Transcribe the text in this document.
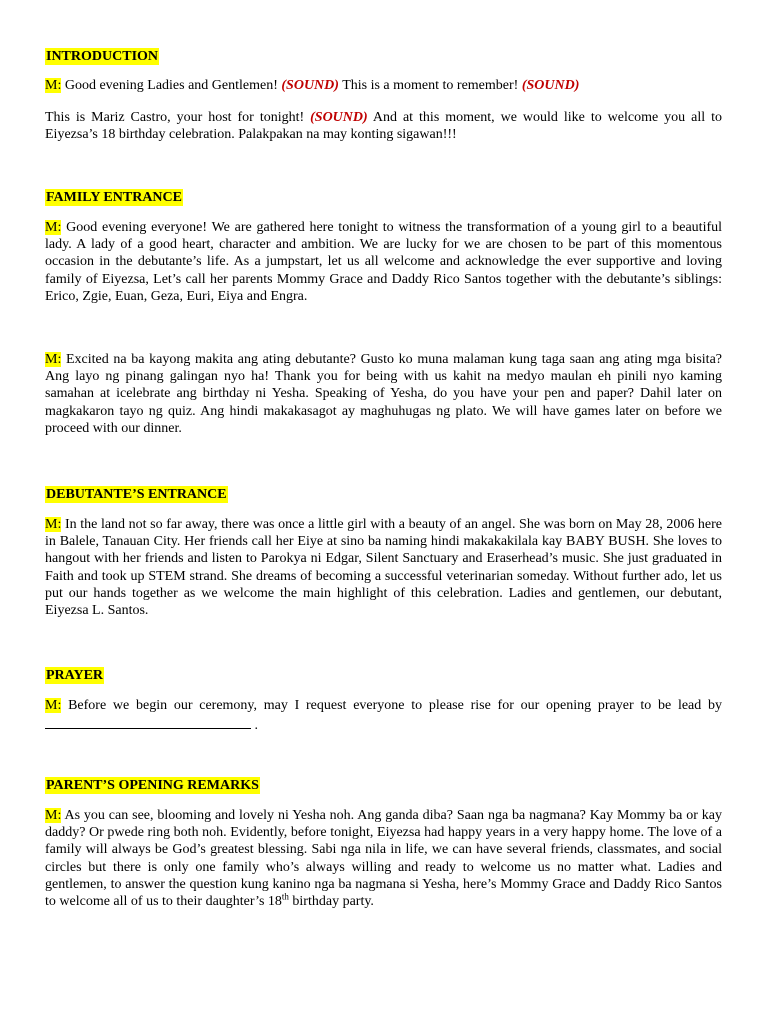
INTRODUCTION

M: Good evening Ladies and Gentlemen! (SOUND) This is a moment to remember! (SOUND)

This is Mariz Castro, your host for tonight! (SOUND) And at this moment, we would like to welcome you all to Eiyezsa’s 18 birthday celebration. Palakpakan na may konting sigawan!!!

FAMILY ENTRANCE

M: Good evening everyone! We are gathered here tonight to witness the transformation of a young girl to a beautiful lady. A lady of a good heart, character and ambition. We are lucky for we are chosen to be part of this momentous occasion in the debutante’s life. As a jumpstart, let us all welcome and acknowledge the ever supportive and loving family of Eiyezsa, Let’s call her parents Mommy Grace and Daddy Rico Santos together with the debutante’s siblings: Erico, Zgie, Euan, Geza, Euri, Eiya and Engra.

M: Excited na ba kayong makita ang ating debutante? Gusto ko muna malaman kung taga saan ang ating mga bisita? Ang layo ng pinang galingan nyo ha! Thank you for being with us kahit na medyo maulan eh pinili nyo kaming samahan at icelebrate ang birthday ni Yesha. Speaking of Yesha, do you have your pen and paper? Dahil later on magkakaron tayo ng quiz. Ang hindi makakasagot ay maghuhugas ng plato. We will have games later on before we proceed with our dinner.

DEBUTANTE’S ENTRANCE

M: In the land not so far away, there was once a little girl with a beauty of an angel. She was born on May 28, 2006 here in Balele, Tanauan City. Her friends call her Eiye at sino ba naming hindi makakakilala kay BABY BUSH. She loves to hangout with her friends and listen to Parokya ni Edgar, Silent Sanctuary and Eraserhead’s music. She just graduated in Faith and took up STEM strand. She dreams of becoming a successful veterinarian someday. Without further ado, let us put our hands together as we welcome the main highlight of this celebration. Ladies and gentlemen, our debutant, Eiyezsa L. Santos.

PRAYER

M: Before we begin our ceremony, may I request everyone to please rise for our opening prayer to be lead by  .

PARENT’S OPENING REMARKS

M: As you can see, blooming and lovely ni Yesha noh. Ang ganda diba? Saan nga ba nagmana? Kay Mommy ba or kay daddy? Or pwede ring both noh. Evidently, before tonight, Eiyezsa had happy years in a very happy home. The love of a family will always be God’s greatest blessing. Sabi nga nila in life, we can have several friends, classmates, and social circles but there is only one family who’s always willing and ready to welcome us no matter what. Ladies and gentlemen, to answer the question kung kanino nga ba nagmana si Yesha, here’s Mommy Grace and Daddy Rico Santos to welcome all of us to their daughter’s 18th birthday party.
